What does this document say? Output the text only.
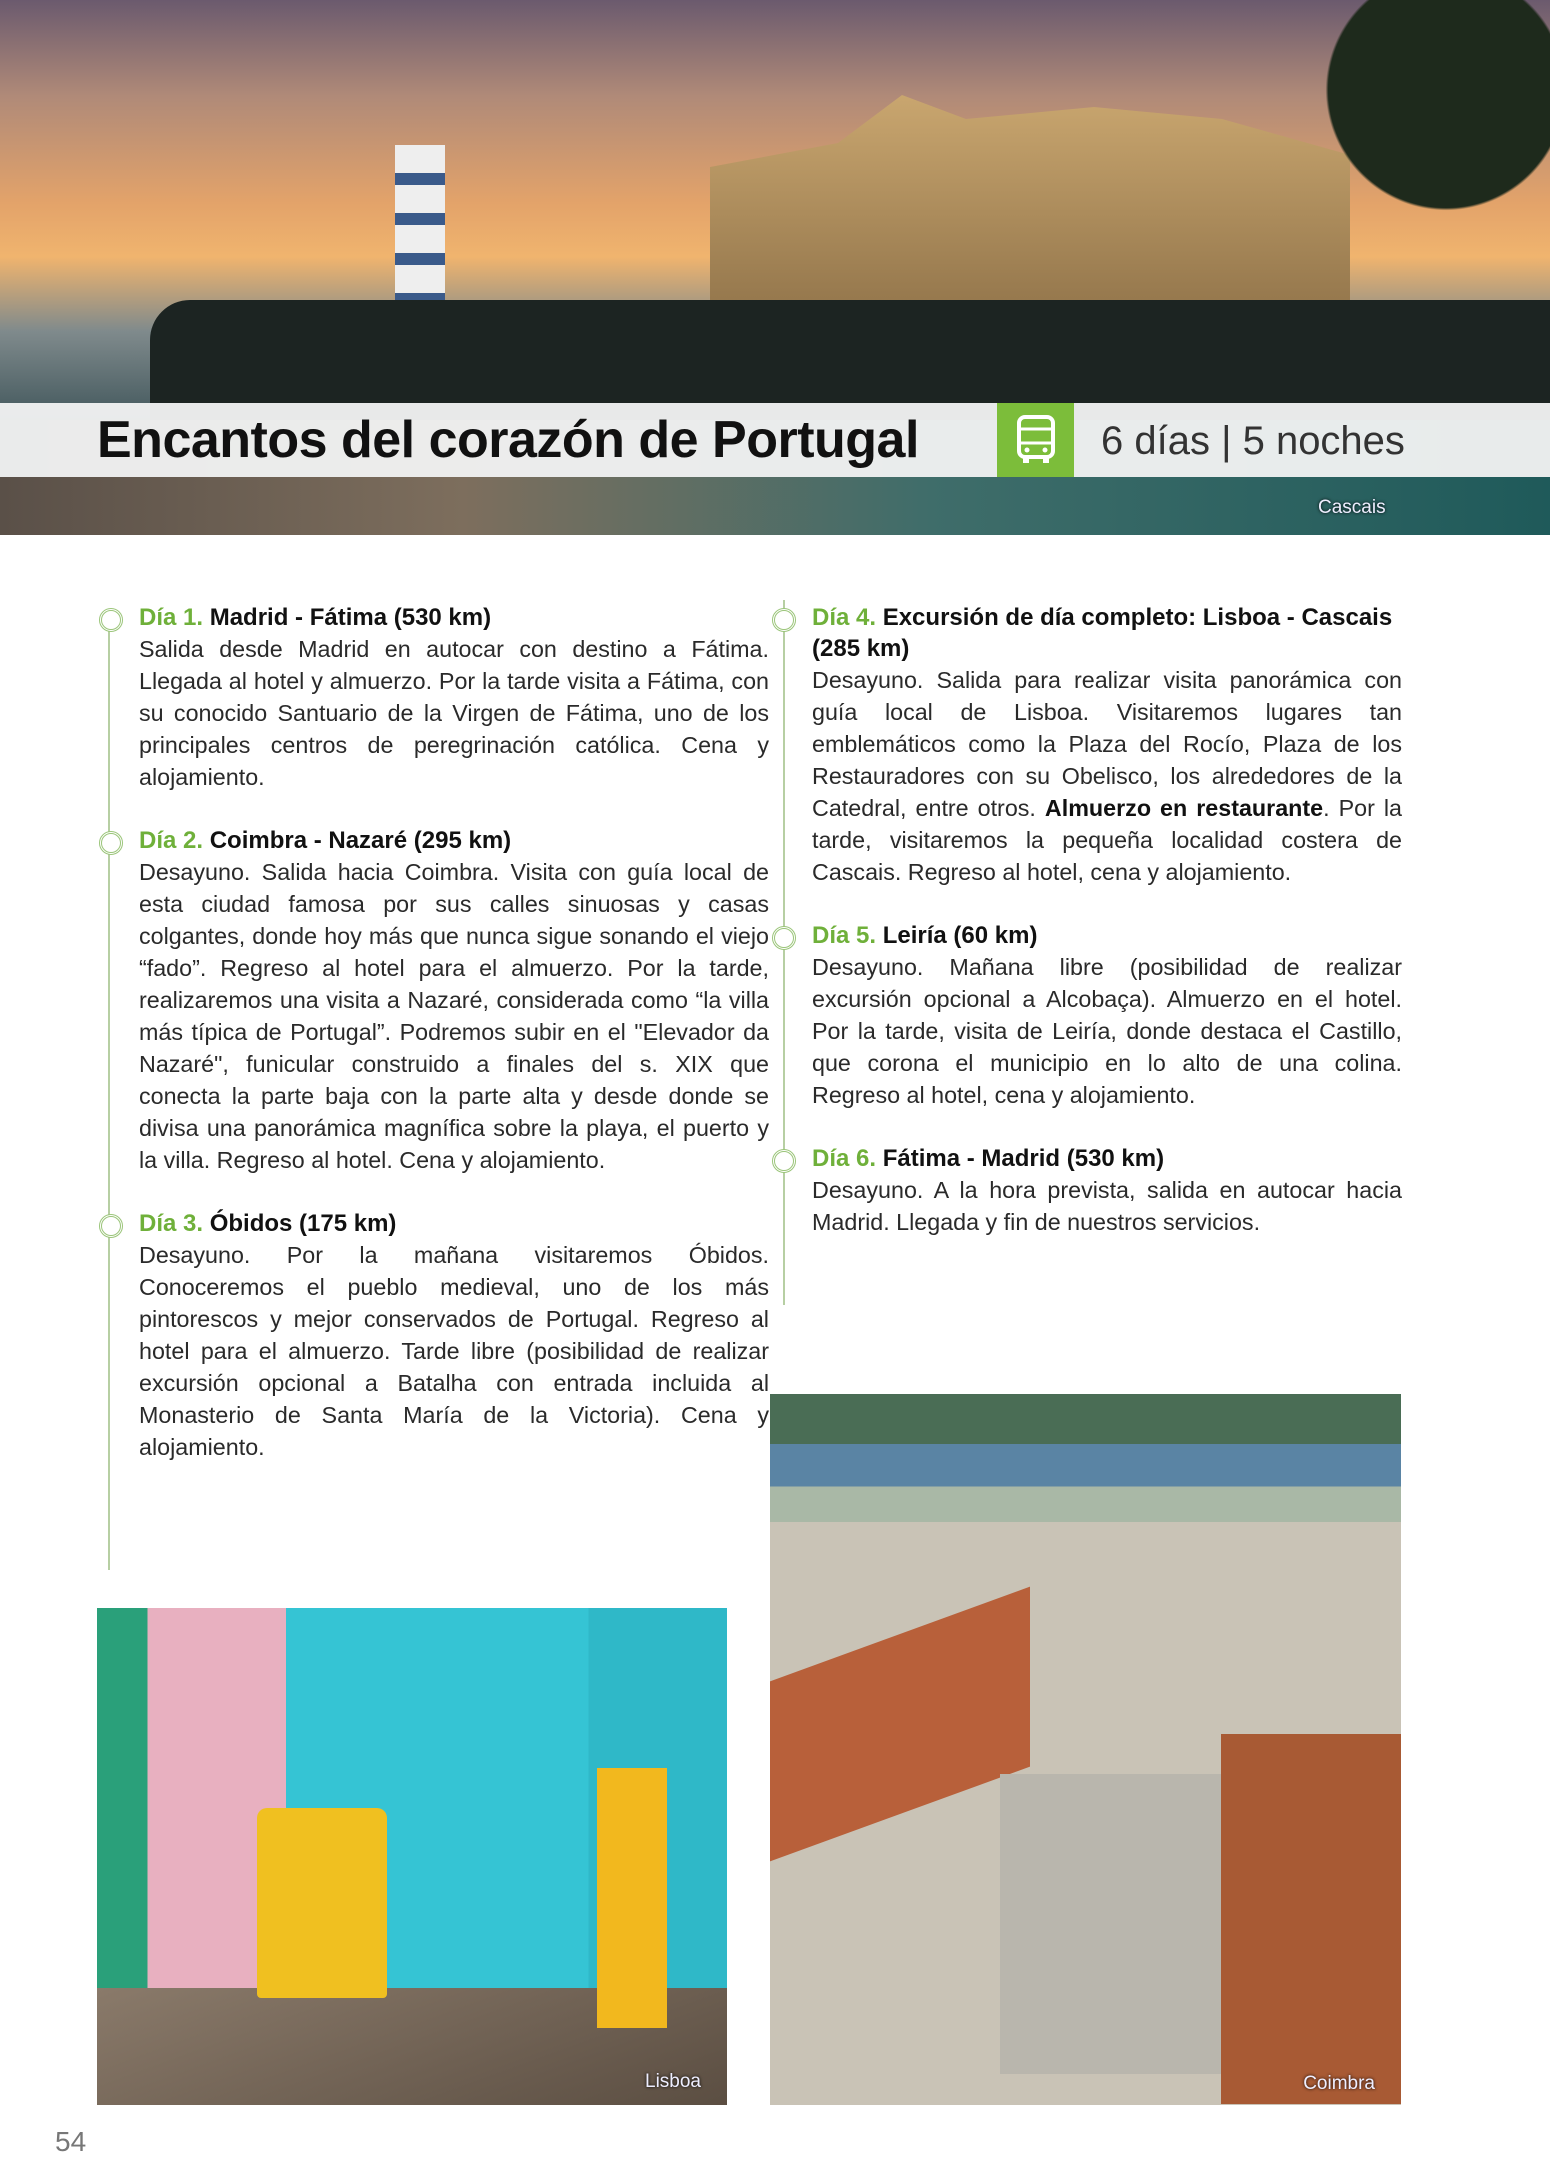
Encantos del corazón de Portugal	6 días | 5 noches
Cascais
Día 1. Madrid - Fátima (530 km)

Salida desde Madrid en autocar con destino a Fátima. Llegada al hotel y almuerzo. Por la tarde visita a Fátima, con su conocido Santuario de la Virgen de Fátima, uno de los principales centros de peregrinación católica. Cena y alojamiento.

Día 2. Coimbra - Nazaré (295 km)

Desayuno. Salida hacia Coimbra. Visita con guía local de esta ciudad famosa por sus calles sinuosas y casas colgantes, donde hoy más que nunca sigue sonando el viejo “fado”. Regreso al hotel para el almuerzo. Por la tarde, realizaremos una visita a Nazaré, considerada como “la villa más típica de Portugal”. Podremos subir en el "Elevador da Nazaré", funicular construido a finales del s. XIX que conecta la parte baja con la parte alta y desde donde se divisa una panorámica magnífica sobre la playa, el puerto y la villa. Regreso al hotel. Cena y alojamiento.

Día 3. Óbidos (175 km)

Desayuno. Por la mañana visitaremos Óbidos. Conoceremos el pueblo medieval, uno de los más pintorescos y mejor conservados de Portugal. Regreso al hotel para el almuerzo. Tarde libre (posibilidad de realizar excursión opcional a Batalha con entrada incluida al Monasterio de Santa María de la Victoria). Cena y alojamiento.

Día 4. Excursión de día completo: Lisboa - Cascais (285 km)

Desayuno. Salida para realizar visita panorámica con guía local de Lisboa. Visitaremos lugares tan emblemáticos como la Plaza del Rocío, Plaza de los Restauradores con su Obelisco, los alrededores de la Catedral, entre otros. Almuerzo en restaurante. Por la tarde, visitaremos la pequeña localidad costera de Cascais. Regreso al hotel, cena y alojamiento.

Día 5. Leiría (60 km)

Desayuno. Mañana libre (posibilidad de realizar excursión opcional a Alcobaça). Almuerzo en el hotel. Por la tarde, visita de Leiría, donde destaca el Castillo, que corona el municipio en lo alto de una colina. Regreso al hotel, cena y alojamiento.

Día 6. Fátima - Madrid (530 km)

Desayuno. A la hora prevista, salida en autocar hacia Madrid. Llegada y fin de nuestros servicios.

Lisboa	Coimbra
54
